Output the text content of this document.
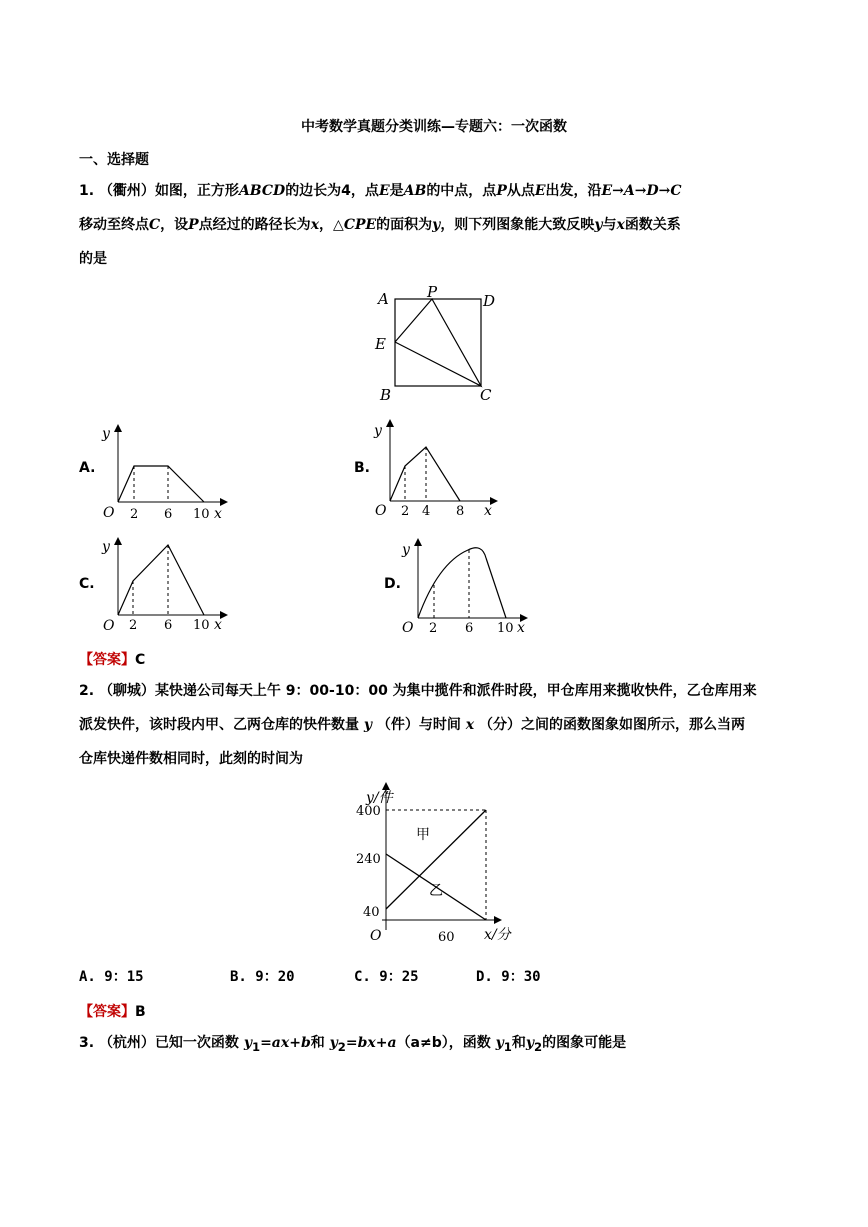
中考数学真题分类训练—专题六：一次函数
一、选择题
1. （衢州）如图，正方形ABCD的边长为4，点E是AB的中点，点P从点E出发，沿E→A→D→C
移动至终点C，设P点经过的路径长为x，△CPE的面积为y，则下列图象能大致反映y与x函数关系
的是
A	P	D
E
B	C
A.
y
O 2 6 10 x
B.
y
O 2 4 8 x
C.
y
O 2 6 10 x
D.
y
O 2 6 10 x
【答案】C
2. （聊城）某快递公司每天上午 9：00-10：00 为集中揽件和派件时段，甲仓库用来揽收快件，乙仓库用来
派发快件，该时段内甲、乙两仓库的快件数量 y （件）与时间 x （分）之间的函数图象如图所示，那么当两
仓库快递件数相同时，此刻的时间为
y/件
x/分
O
400
240
40
60
甲
乙
A. 9：15	B. 9：20	C. 9：25	D. 9：30
【答案】B
3. （杭州）已知一次函数 $y_1=ax+b$和 $y_2=bx+a(a\ne b)$，函数 $y_1$和$y_2$的图象可能是
